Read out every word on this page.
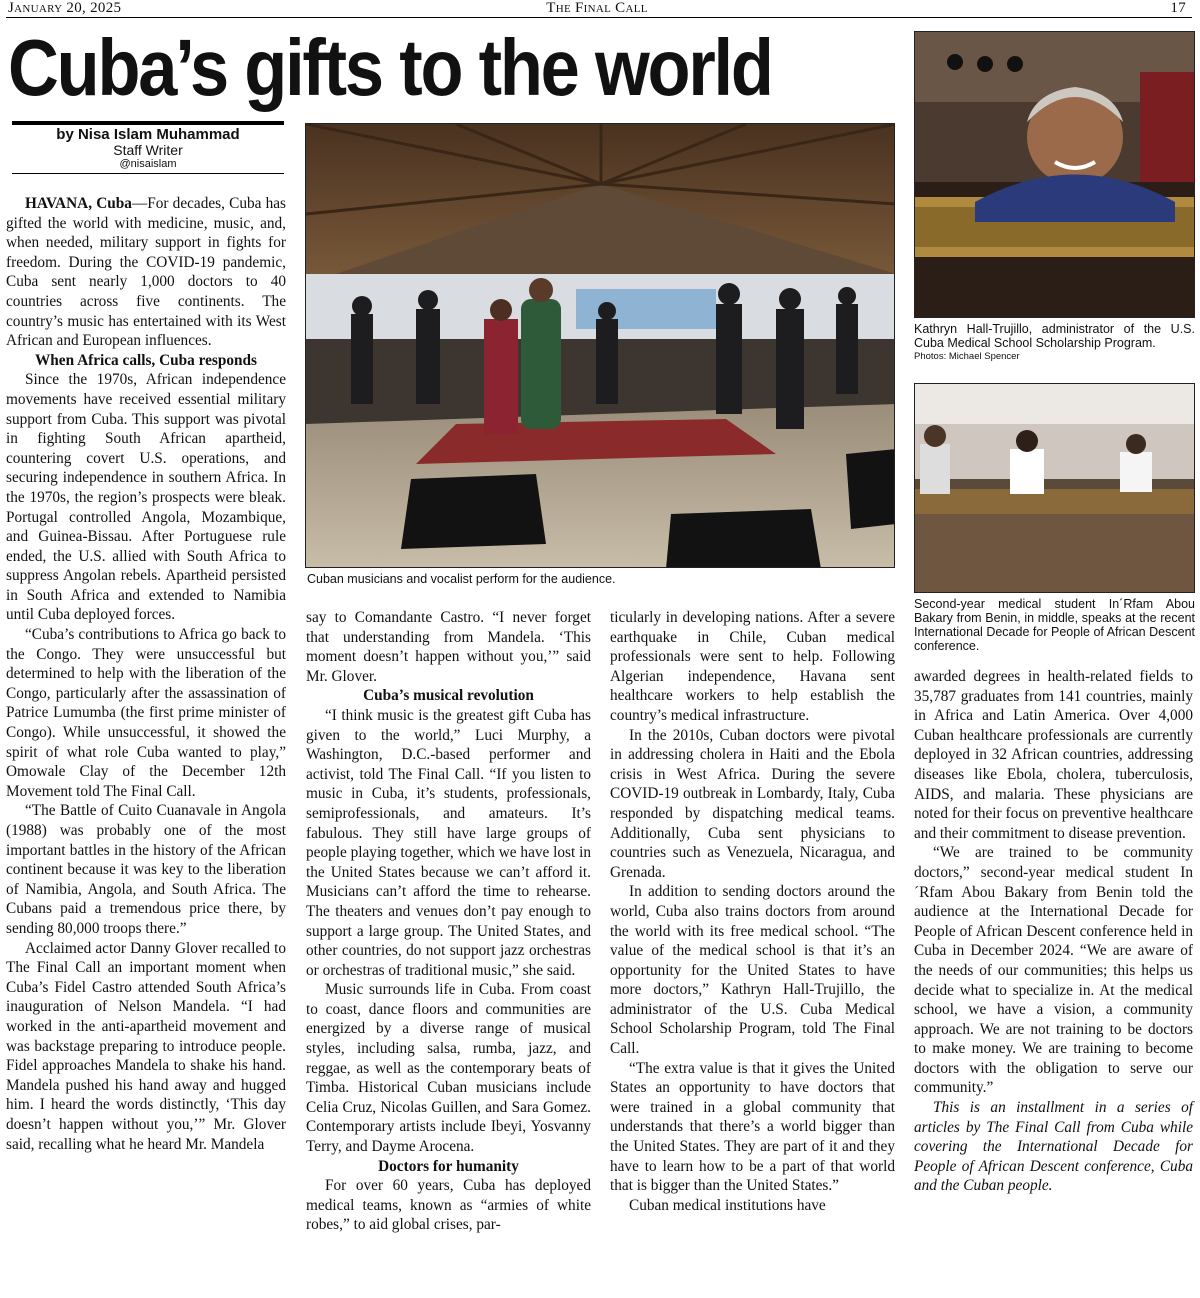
January 20, 2025	The Final Call	17
Cuba’s gifts to the world
by Nisa Islam Muhammad
Staff Writer
@nisaislam

HAVANA, Cuba—For decades, Cuba has gifted the world with medicine, music, and, when needed, military support in fights for freedom. During the COVID-19 pandemic, Cuba sent nearly 1,000 doctors to 40 countries across five continents. The country’s music has entertained with its West African and European influences.

When Africa calls, Cuba responds

Since the 1970s, African independence movements have received essential military support from Cuba. This support was pivotal in fighting South African apartheid, countering covert U.S. operations, and securing independence in southern Africa. In the 1970s, the region’s prospects were bleak. Portugal controlled Angola, Mozambique, and Guinea-Bissau. After Portuguese rule ended, the U.S. allied with South Africa to suppress Angolan rebels. Apartheid persisted in South Africa and extended to Namibia until Cuba deployed forces.

“Cuba’s contributions to Africa go back to the Congo. They were unsuccessful but determined to help with the liberation of the Congo, particularly after the assassination of Patrice Lumumba (the first prime minister of Congo). While unsuccessful, it showed the spirit of what role Cuba wanted to play,” Omowale Clay of the December 12th Movement told The Final Call.

“The Battle of Cuito Cuanavale in Angola (1988) was probably one of the most important battles in the history of the African continent because it was key to the liberation of Namibia, Angola, and South Africa. The Cubans paid a tremendous price there, by sending 80,000 troops there.”

Acclaimed actor Danny Glover recalled to The Final Call an important moment when Cuba’s Fidel Castro attended South Africa’s inauguration of Nelson Mandela. “I had worked in the anti-apartheid movement and was backstage preparing to introduce people. Fidel approaches Mandela to shake his hand. Mandela pushed his hand away and hugged him. I heard the words distinctly, ‘This day doesn’t happen without you,’” Mr. Glover said, recalling what he heard Mr. Mandela

Cuban musicians and vocalist perform for the audience.
Kathryn Hall-Trujillo, administrator of the U.S. Cuba Medical School Scholarship Program.
Photos: Michael Spencer
Second-year medical student In´Rfam Abou Bakary from Benin, in middle, speaks at the recent International Decade for People of African Descent conference.

say to Comandante Castro. “I never forget that understanding from Mandela. ‘This moment doesn’t happen without you,’” said Mr. Glover.

Cuba’s musical revolution

“I think music is the greatest gift Cuba has given to the world,” Luci Murphy, a Washington, D.C.-based performer and activist, told The Final Call. “If you listen to music in Cuba, it’s students, professionals, semiprofessionals, and amateurs. It’s fabulous. They still have large groups of people playing together, which we have lost in the United States because we can’t afford it. Musicians can’t afford the time to rehearse. The theaters and venues don’t pay enough to support a large group. The United States, and other countries, do not support jazz orchestras or orchestras of traditional music,” she said.

Music surrounds life in Cuba. From coast to coast, dance floors and communities are energized by a diverse range of musical styles, including salsa, rumba, jazz, and reggae, as well as the contemporary beats of Timba. Historical Cuban musicians include Celia Cruz, Nicolas Guillen, and Sara Gomez. Contemporary artists include Ibeyi, Yosvanny Terry, and Dayme Arocena.

Doctors for humanity

For over 60 years, Cuba has deployed medical teams, known as “armies of white robes,” to aid global crises, par-

ticularly in developing nations. After a severe earthquake in Chile, Cuban medical professionals were sent to help. Following Algerian independence, Havana sent healthcare workers to help establish the country’s medical infrastructure.

In the 2010s, Cuban doctors were pivotal in addressing cholera in Haiti and the Ebola crisis in West Africa. During the severe COVID-19 outbreak in Lombardy, Italy, Cuba responded by dispatching medical teams. Additionally, Cuba sent physicians to countries such as Venezuela, Nicaragua, and Grenada.

In addition to sending doctors around the world, Cuba also trains doctors from around the world with its free medical school. “The value of the medical school is that it’s an opportunity for the United States to have more doctors,” Kathryn Hall-Trujillo, the administrator of the U.S. Cuba Medical School Scholarship Program, told The Final Call.

“The extra value is that it gives the United States an opportunity to have doctors that were trained in a global community that understands that there’s a world bigger than the United States. They are part of it and they have to learn how to be a part of that world that is bigger than the United States.”

Cuban medical institutions have

awarded degrees in health-related fields to 35,787 graduates from 141 countries, mainly in Africa and Latin America. Over 4,000 Cuban healthcare professionals are currently deployed in 32 African countries, addressing diseases like Ebola, cholera, tuberculosis, AIDS, and malaria. These physicians are noted for their focus on preventive healthcare and their commitment to disease prevention.

“We are trained to be community doctors,” second-year medical student In´Rfam Abou Bakary from Benin told the audience at the International Decade for People of African Descent conference held in Cuba in December 2024. “We are aware of the needs of our communities; this helps us decide what to specialize in. At the medical school, we have a vision, a community approach. We are not training to be doctors to make money. We are training to become doctors with the obligation to serve our community.”

This is an installment in a series of articles by The Final Call from Cuba while covering the International Decade for People of African Descent conference, Cuba and the Cuban people.
